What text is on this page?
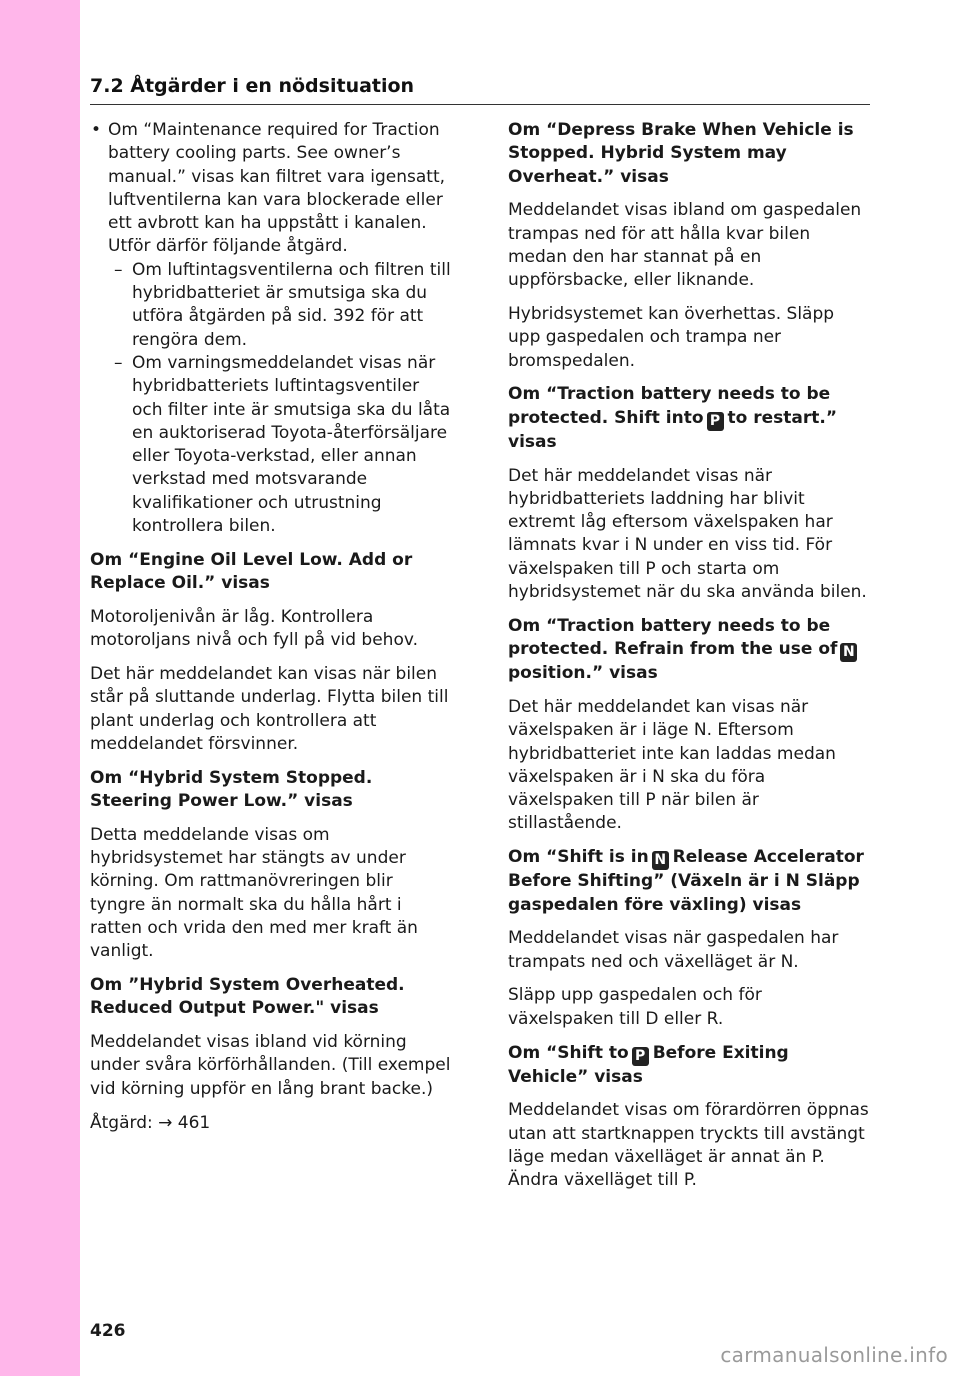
7.2 Åtgärder i en nödsituation
• Om “Maintenance required for Traction battery cooling parts. See owner’s manual.” visas kan filtret vara igensatt, luftventilerna kan vara blockerade eller ett avbrott kan ha uppstått i kanalen. Utför därför följande åtgärd.
– Om luftintagsventilerna och filtren till hybridbatteriet är smutsiga ska du utföra åtgärden på sid. 392 för att rengöra dem.
– Om varningsmeddelandet visas när hybridbatteriets luftintagsventiler och filter inte är smutsiga ska du låta en auktoriserad Toyota-återförsäljare eller Toyota-verkstad, eller annan verkstad med motsvarande kvalifikationer och utrustning kontrollera bilen.

Om “Engine Oil Level Low. Add or Replace Oil.” visas

Motoroljenivån är låg. Kontrollera motoroljans nivå och fyll på vid behov.

Det här meddelandet kan visas när bilen står på sluttande underlag. Flytta bilen till plant underlag och kontrollera att meddelandet försvinner.

Om “Hybrid System Stopped. Steering Power Low.” visas

Detta meddelande visas om hybridsystemet har stängts av under körning. Om rattmanövreringen blir tyngre än normalt ska du hålla hårt i ratten och vrida den med mer kraft än vanligt.

Om ”Hybrid System Overheated. Reduced Output Power." visas

Meddelandet visas ibland vid körning under svåra körförhållanden. (Till exempel vid körning uppför en lång brant backe.)

Åtgärd: → 461

Om “Depress Brake When Vehicle is Stopped. Hybrid System may Overheat.” visas

Meddelandet visas ibland om gaspedalen trampas ned för att hålla kvar bilen medan den har stannat på en uppförsbacke, eller liknande.

Hybridsystemet kan överhettas. Släpp upp gaspedalen och trampa ner bromspedalen.

Om “Traction battery needs to be protected. Shift into P to restart.” visas

Det här meddelandet visas när hybridbatteriets laddning har blivit extremt låg eftersom växelspaken har lämnats kvar i N under en viss tid. För växelspaken till P och starta om hybridsystemet när du ska använda bilen.

Om “Traction battery needs to be protected. Refrain from the use of N
position.” visas

Det här meddelandet kan visas när växelspaken är i läge N. Eftersom hybridbatteriet inte kan laddas medan växelspaken är i N ska du föra växelspaken till P när bilen är stillastående.

Om “Shift is in N Release Accelerator Before Shifting” (Växeln är i N Släpp gaspedalen före växling) visas

Meddelandet visas när gaspedalen har trampats ned och växelläget är N.

Släpp upp gaspedalen och för växelspaken till D eller R.

Om “Shift to P Before Exiting Vehicle” visas

Meddelandet visas om förardörren öppnas utan att startknappen tryckts till avstängt läge medan växelläget är annat än P. Ändra växelläget till P.

426
carmanualsonline.info
